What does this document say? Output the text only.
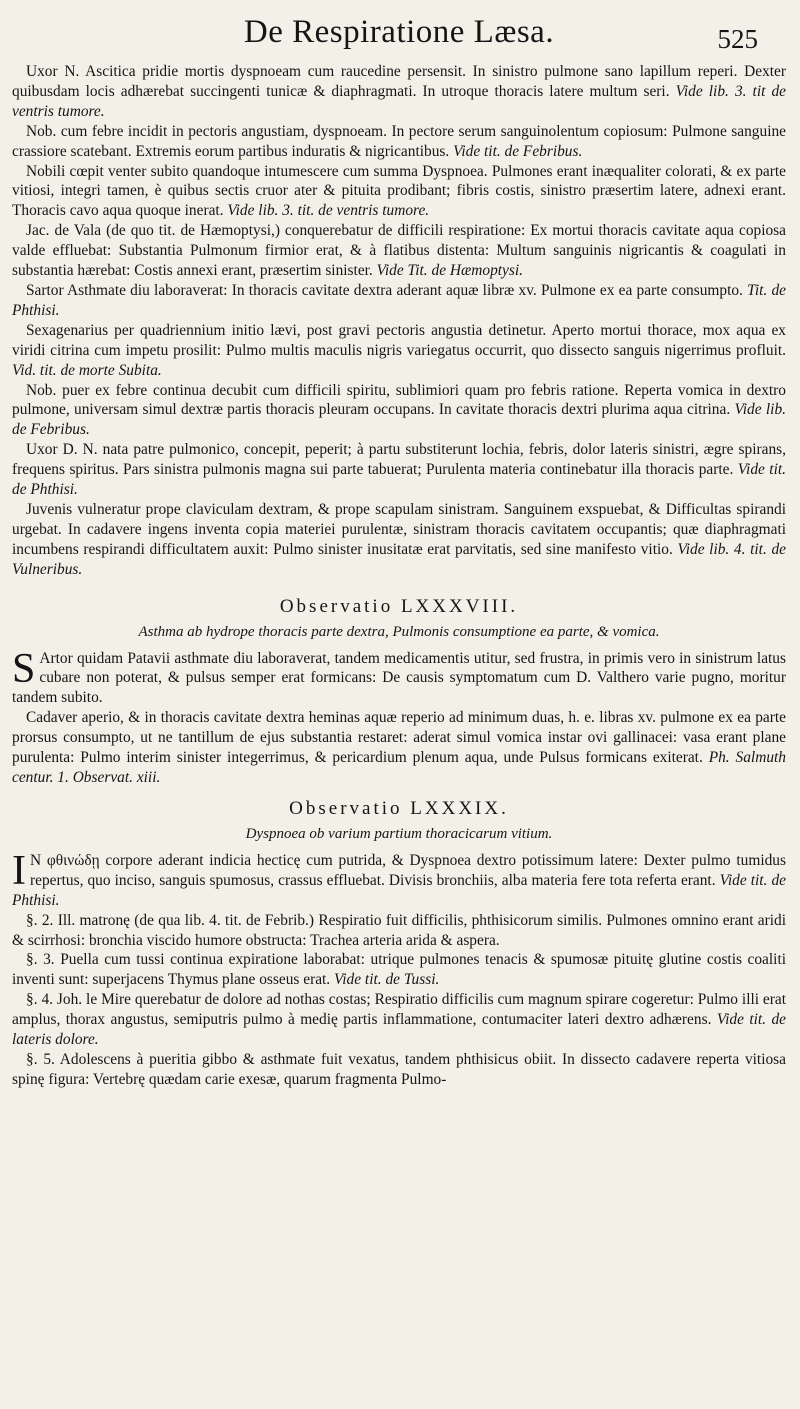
De Respiratione Læsa.	525

Uxor N. Ascitica pridie mortis dyspnoeam cum raucedine persensit. In sinistro pulmone sano lapillum reperi. Dexter quibusdam locis adhærebat succingenti tunicæ & diaphragmati. In utroque thoracis latere multum seri. Vide lib. 3. tit de ventris tumore.

Nob. cum febre incidit in pectoris angustiam, dyspnoeam. In pectore serum sanguinolentum copiosum: Pulmone sanguine crassiore scatebant. Extremis eorum partibus induratis & nigricantibus. Vide tit. de Febribus.

Nobili cœpit venter subito quandoque intumescere cum summa Dyspnoea. Pulmones erant inæqualiter colorati, & ex parte vitiosi, integri tamen, è quibus sectis cruor ater & pituita prodibant; fibris costis, sinistro præsertim latere, adnexi erant. Thoracis cavo aqua quoque inerat. Vide lib. 3. tit. de ventris tumore.

Jac. de Vala (de quo tit. de Hæmoptysi,) conquerebatur de difficili respiratione: Ex mortui thoracis cavitate aqua copiosa valde effluebat: Substantia Pulmonum firmior erat, & à flatibus distenta: Multum sanguinis nigricantis & coagulati in substantia hærebat: Costis annexi erant, præsertim sinister. Vide Tit. de Hæmoptysi.

Sartor Asthmate diu laboraverat: In thoracis cavitate dextra aderant aquæ libræ xv. Pulmone ex ea parte consumpto. Tit. de Phthisi.

Sexagenarius per quadriennium initio lævi, post gravi pectoris angustia detinetur. Aperto mortui thorace, mox aqua ex viridi citrina cum impetu prosilit: Pulmo multis maculis nigris variegatus occurrit, quo dissecto sanguis nigerrimus profluit. Vid. tit. de morte Subita.

Nob. puer ex febre continua decubit cum difficili spiritu, sublimiori quam pro febris ratione. Reperta vomica in dextro pulmone, universam simul dextræ partis thoracis pleuram occupans. In cavitate thoracis dextri plurima aqua citrina. Vide lib. de Febribus.

Uxor D. N. nata patre pulmonico, concepit, peperit; à partu substiterunt lochia, febris, dolor lateris sinistri, ægre spirans, frequens spiritus. Pars sinistra pulmonis magna sui parte tabuerat; Purulenta materia continebatur illa thoracis parte. Vide tit. de Phthisi.

Juvenis vulneratur prope claviculam dextram, & prope scapulam sinistram. Sanguinem exspuebat, & Difficultas spirandi urgebat. In cadavere ingens inventa copia materiei purulentæ, sinistram thoracis cavitatem occupantis; quæ diaphragmati incumbens respirandi difficultatem auxit: Pulmo sinister inusitatæ erat parvitatis, sed sine manifesto vitio. Vide lib. 4. tit. de Vulneribus.

Observatio LXXXVIII.
Asthma ab hydrope thoracis parte dextra, Pulmonis consumptione ea parte, & vomica.

S Artor quidam Patavii asthmate diu laboraverat, tandem medicamentis utitur, sed frustra, in primis vero in sinistrum latus cubare non poterat, & pulsus semper erat formicans: De causis symptomatum cum D. Valthero varie pugno, moritur tandem subito.

Cadaver aperio, & in thoracis cavitate dextra heminas aquæ reperio ad minimum duas, h. e. libras xv. pulmone ex ea parte prorsus consumpto, ut ne tantillum de ejus substantia restaret: aderat simul vomica instar ovi gallinacei: vasa erant plane purulenta: Pulmo interim sinister integerrimus, & pericardium plenum aqua, unde Pulsus formicans exiterat. Ph. Salmuth centur. 1. Observat. xiii.

Observatio LXXXIX.
Dyspnoea ob varium partium thoracicarum vitium.

I N φθινώδῃ corpore aderant indicia hecticę cum putrida, & Dyspnoea dextro potissimum latere: Dexter pulmo tumidus repertus, quo inciso, sanguis spumosus, crassus effluebat. Divisis bronchiis, alba materia fere tota referta erant. Vide tit. de Phthisi.

§. 2. Ill. matronę (de qua lib. 4. tit. de Febrib.) Respiratio fuit difficilis, phthisicorum similis. Pulmones omnino erant aridi & scirrhosi: bronchia viscido humore obstructa: Trachea arteria arida & aspera.

§. 3. Puella cum tussi continua expiratione laborabat: utrique pulmones tenacis & spumosæ pituitę glutine costis coaliti inventi sunt: superjacens Thymus plane osseus erat. Vide tit. de Tussi.

§. 4. Joh. le Mire querebatur de dolore ad nothas costas; Respiratio difficilis cum magnum spirare cogeretur: Pulmo illi erat amplus, thorax angustus, semiputris pulmo à medię partis inflammatione, contumaciter lateri dextro adhærens. Vide tit. de lateris dolore.

§. 5. Adolescens à pueritia gibbo & asthmate fuit vexatus, tandem phthisicus obiit. In dissecto cadavere reperta vitiosa spinę figura: Vertebrę quædam carie exesæ, quarum fragmenta Pulmo-
